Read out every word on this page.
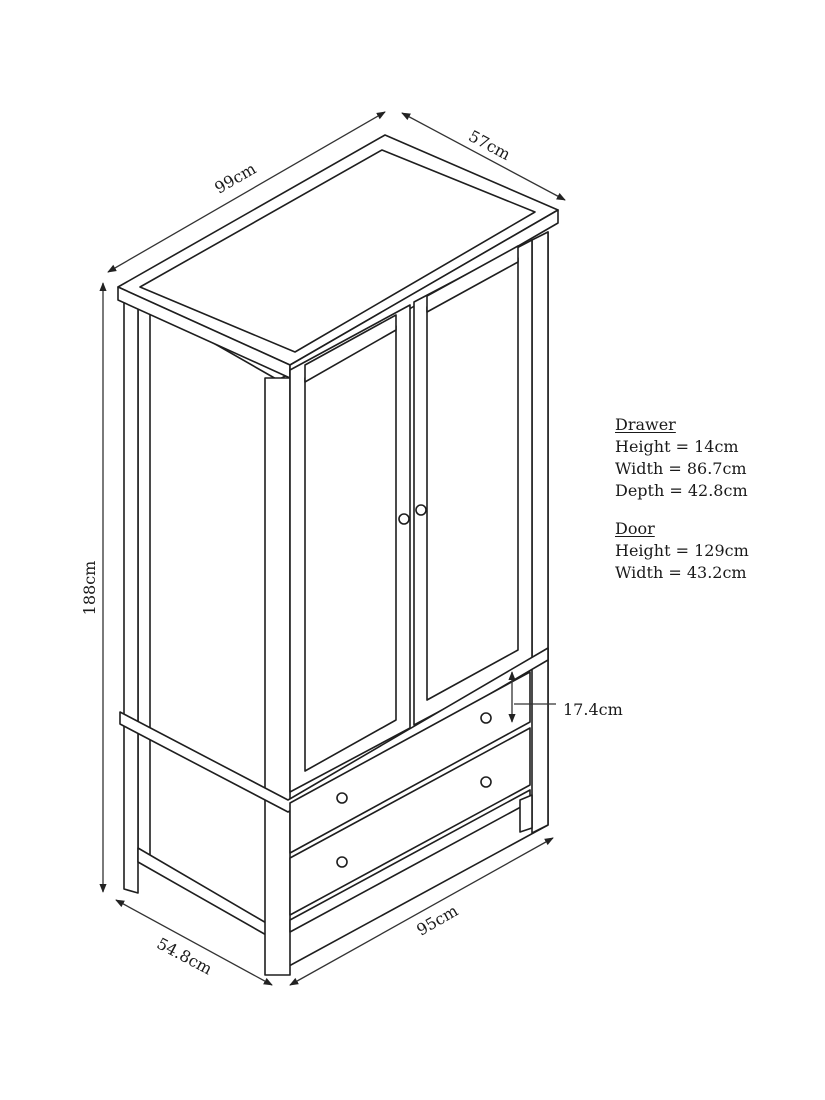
99cm
57cm
188cm
54.8cm
95cm
17.4cm
Drawer
Height = 14cm
Width = 86.7cm
Depth = 42.8cm
Door
Height = 129cm
Width = 43.2cm
